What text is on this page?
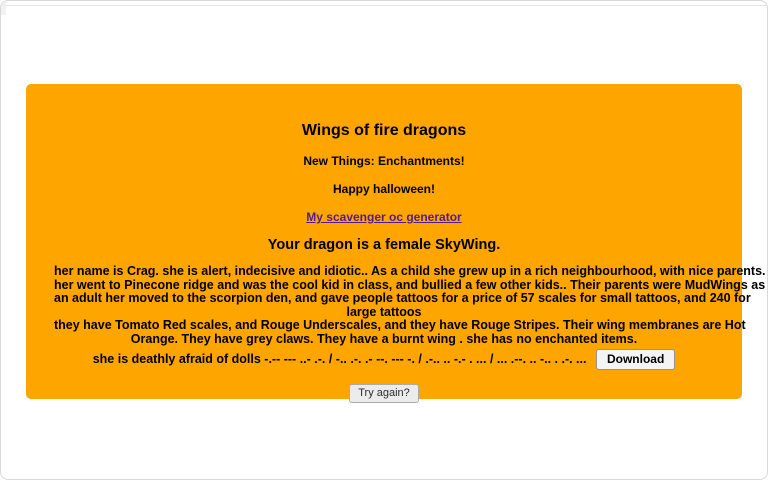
Wings of fire dragons
New Things: Enchantments!
Happy halloween!
My scavenger oc generator
Your dragon is a female SkyWing.
her name is Crag. she is alert, indecisive and idiotic.. As a child she grew up in a rich neighbourhood, with nice parents.
her went to Pinecone ridge and was the cool kid in class, and bullied a few other kids.. Their parents were MudWings as
an adult her moved to the scorpion den, and gave people tattoos for a price of 57 scales for small tattoos, and 240 for
large tattoos
they have Tomato Red scales, and Rouge Underscales, and they have Rouge Stripes. Their wing membranes are Hot
Orange. They have grey claws. They have a burnt wing . she has no enchanted items.
she is deathly afraid of dolls -.-- --- ..- .-. / -.. .-. .- --. --- -. / .-.. .. -.- . ... / ... .--. .. -.. . .-. ... Download
Try again?
